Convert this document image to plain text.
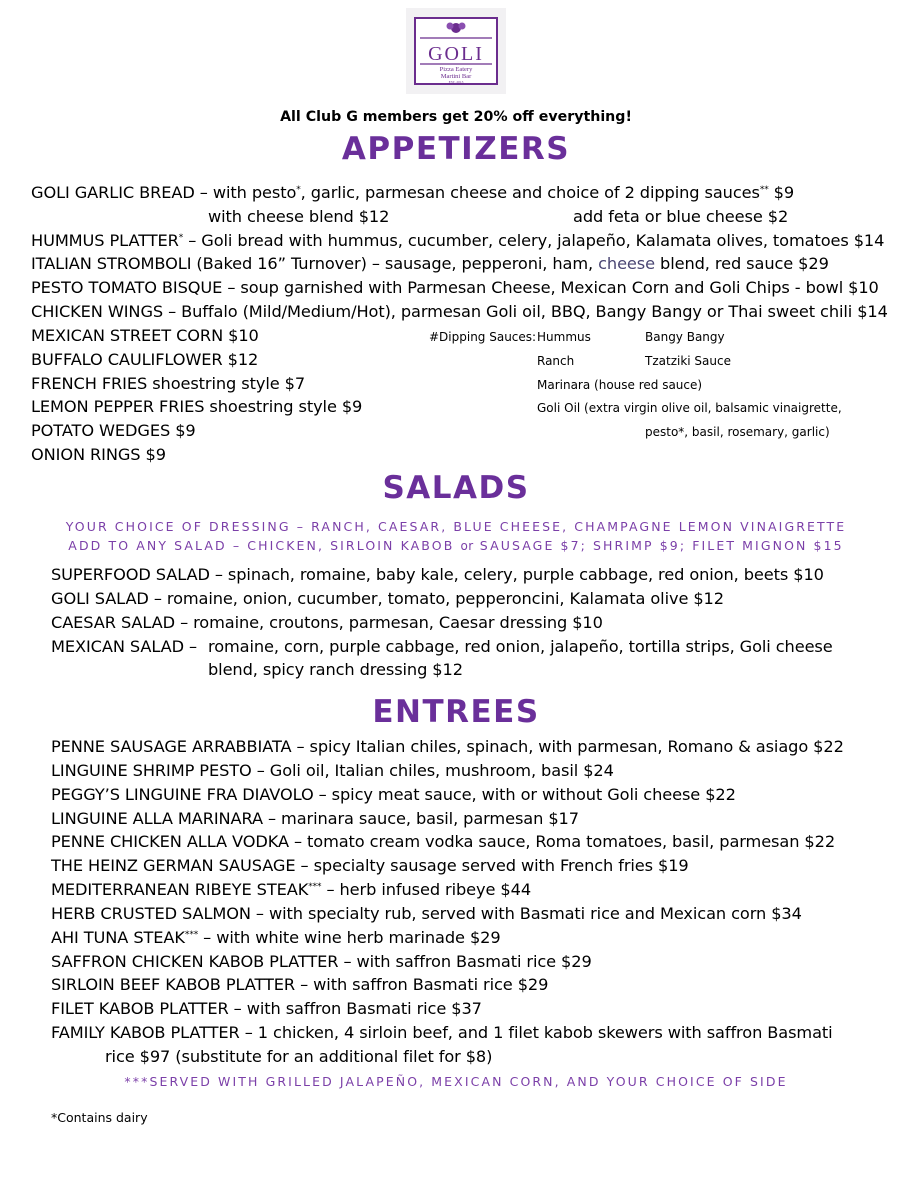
GOLI
Pizza Eatery
Martini Bar
EST. 2013
All Club G members get 20% off everything!
APPETIZERS
GOLI GARLIC BREAD – with pesto*, garlic, parmesan cheese and choice of 2 dipping sauces** $9
with cheese blend $12	add feta or blue cheese $2
HUMMUS PLATTER* – Goli bread with hummus, cucumber, celery, jalapeño, Kalamata olives, tomatoes $14
ITALIAN STROMBOLI (Baked 16” Turnover) – sausage, pepperoni, ham, cheese blend, red sauce $29
PESTO TOMATO BISQUE – soup garnished with Parmesan Cheese, Mexican Corn and Goli Chips - bowl $10
CHICKEN WINGS – Buffalo (Mild/Medium/Hot), parmesan Goli oil, BBQ, Bangy Bangy or Thai sweet chili $14
MEXICAN STREET CORN $10
BUFFALO CAULIFLOWER $12
FRENCH FRIES shoestring style $7
LEMON PEPPER FRIES shoestring style $9
POTATO WEDGES $9
ONION RINGS $9
#Dipping Sauces: Hummus	Bangy Bangy
Ranch	Tzatziki Sauce
Marinara (house red sauce)
Goli Oil (extra virgin olive oil, balsamic vinaigrette,
pesto*, basil, rosemary, garlic)
SALADS
YOUR CHOICE OF DRESSING – RANCH, CAESAR, BLUE CHEESE, CHAMPAGNE LEMON VINAIGRETTE
ADD TO ANY SALAD – CHICKEN, SIRLOIN KABOB or SAUSAGE $7; SHRIMP $9; FILET MIGNON $15
SUPERFOOD SALAD – spinach, romaine, baby kale, celery, purple cabbage, red onion, beets $10
GOLI SALAD – romaine, onion, cucumber, tomato, pepperoncini, Kalamata olive $12
CAESAR SALAD – romaine, croutons, parmesan, Caesar dressing $10
MEXICAN SALAD – romaine, corn, purple cabbage, red onion, jalapeño, tortilla strips, Goli cheese
blend, spicy ranch dressing $12
ENTREES
PENNE SAUSAGE ARRABBIATA – spicy Italian chiles, spinach, with parmesan, Romano & asiago $22
LINGUINE SHRIMP PESTO – Goli oil, Italian chiles, mushroom, basil $24
PEGGY’S LINGUINE FRA DIAVOLO – spicy meat sauce, with or without Goli cheese $22
LINGUINE ALLA MARINARA – marinara sauce, basil, parmesan $17
PENNE CHICKEN ALLA VODKA – tomato cream vodka sauce, Roma tomatoes, basil, parmesan $22
THE HEINZ GERMAN SAUSAGE – specialty sausage served with French fries $19
MEDITERRANEAN RIBEYE STEAK*** – herb infused ribeye $44
HERB CRUSTED SALMON – with specialty rub, served with Basmati rice and Mexican corn $34
AHI TUNA STEAK*** – with white wine herb marinade $29
SAFFRON CHICKEN KABOB PLATTER – with saffron Basmati rice $29
SIRLOIN BEEF KABOB PLATTER – with saffron Basmati rice $29
FILET KABOB PLATTER – with saffron Basmati rice $37
FAMILY KABOB PLATTER – 1 chicken, 4 sirloin beef, and 1 filet kabob skewers with saffron Basmati
rice $97 (substitute for an additional filet for $8)
***SERVED WITH GRILLED JALAPEÑO, MEXICAN CORN, AND YOUR CHOICE OF SIDE
*Contains dairy
